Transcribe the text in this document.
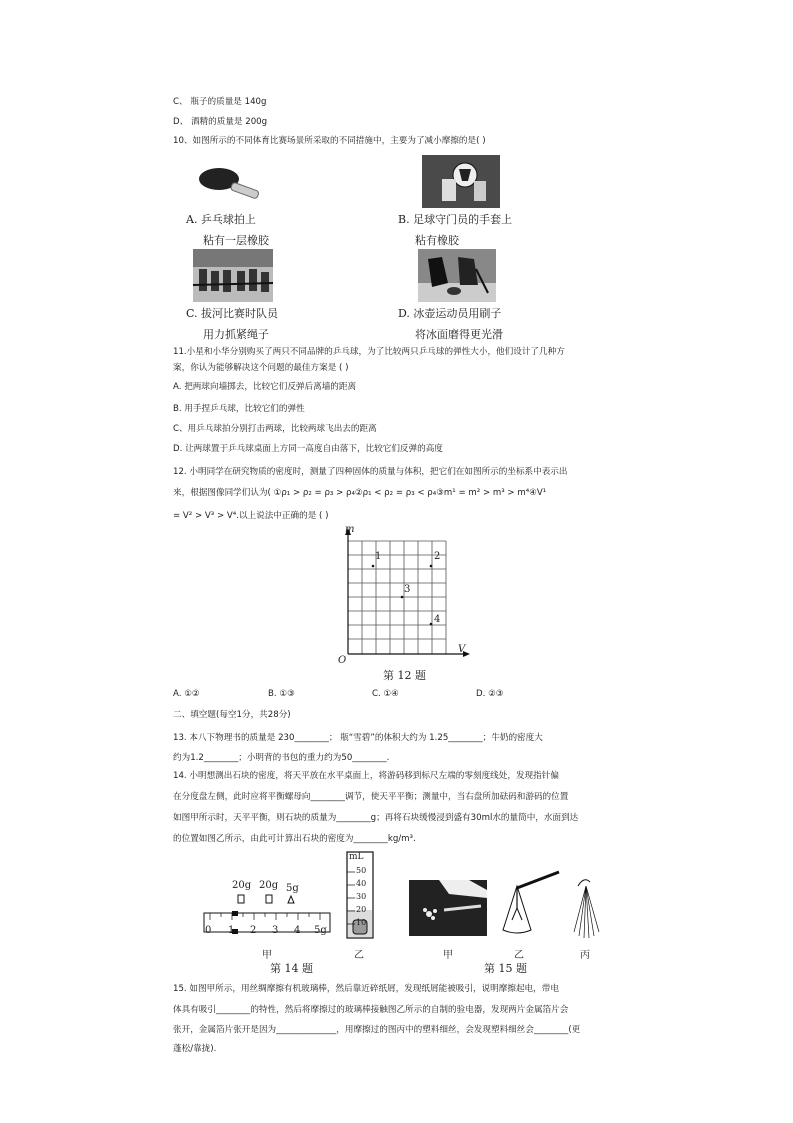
C、 瓶子的质量是 140g
D、 酒精的质量是 200g
10、如图所示的不同体育比赛场景所采取的不同措施中，主要为了减小摩擦的是( )
A. 乒乓球拍上
粘有一层橡胶
B. 足球守门员的手套上
粘有橡胶
C. 拔河比赛时队员
用力抓紧绳子
D. 冰壶运动员用刷子
将冰面磨得更光滑
11.小星和小华分别购买了两只不同品牌的乒乓球，为了比较两只乒乓球的弹性大小，他们设计了几种方
案，你认为能够解决这个问题的最佳方案是 ( )
A. 把两球向墙掷去，比较它们反弹后离墙的距离
B. 用手捏乒乓球，比较它们的弹性
C、用乒乓球拍分别打击两球，比较两球飞出去的距离
D. 让两球置于乒乓球桌面上方同一高度自由落下，比较它们反弹的高度
12. 小明同学在研究物质的密度时，测量了四种固体的质量与体积，把它们在如图所示的坐标系中表示出
来，根据图像同学们认为( ①ρ₁ > ρ₂ = ρ₃ > ρ₄②ρ₁ < ρ₂ = ρ₃ < ρ₄③m¹ = m² > m³ > m⁴④V¹
= V² > V³ > V⁴.以上说法中正确的是 ( )
m
V
O
1	2
3
4
第 12 题
A. ①②	B. ①③	C. ①④	D. ②③
二、填空题(每空1分，共28分)
13. 本八下物理书的质量是 230________； 瓶“雪碧”的体积大约为 1.25________；牛奶的密度大
约为1.2________；小明背的书包的重力约为50________.
14. 小明想测出石块的密度，将天平放在水平桌面上，将游码移到标尺左端的零刻度线处，发现指针偏
在分度盘左侧，此时应将平衡螺母向________调节，使天平平衡；测量中，当右盘所加砝码和游码的位置
如图甲所示时，天平平衡，则石块的质量为________g；再将石块缓慢浸到盛有30ml水的量筒中，水面到达
的位置如图乙所示，由此可计算出石块的密度为________kg/m³.
20g 20g 5g
0 1 2 3 4 5g
甲
mL
50
40
30
20
10
乙
第 14 题
甲	乙	丙
第 15 题
15. 如图甲所示，用丝绸摩擦有机玻璃棒，然后靠近碎纸屑，发现纸屑能被吸引，说明摩擦起电，带电
体具有吸引________的特性，然后将摩擦过的玻璃棒接触图乙所示的自制的验电器，发现两片金属箔片会
张开，金属箔片张开是因为______________，用摩擦过的图丙中的塑料细丝，会发现塑料细丝会________(更
蓬松/靠拢).
